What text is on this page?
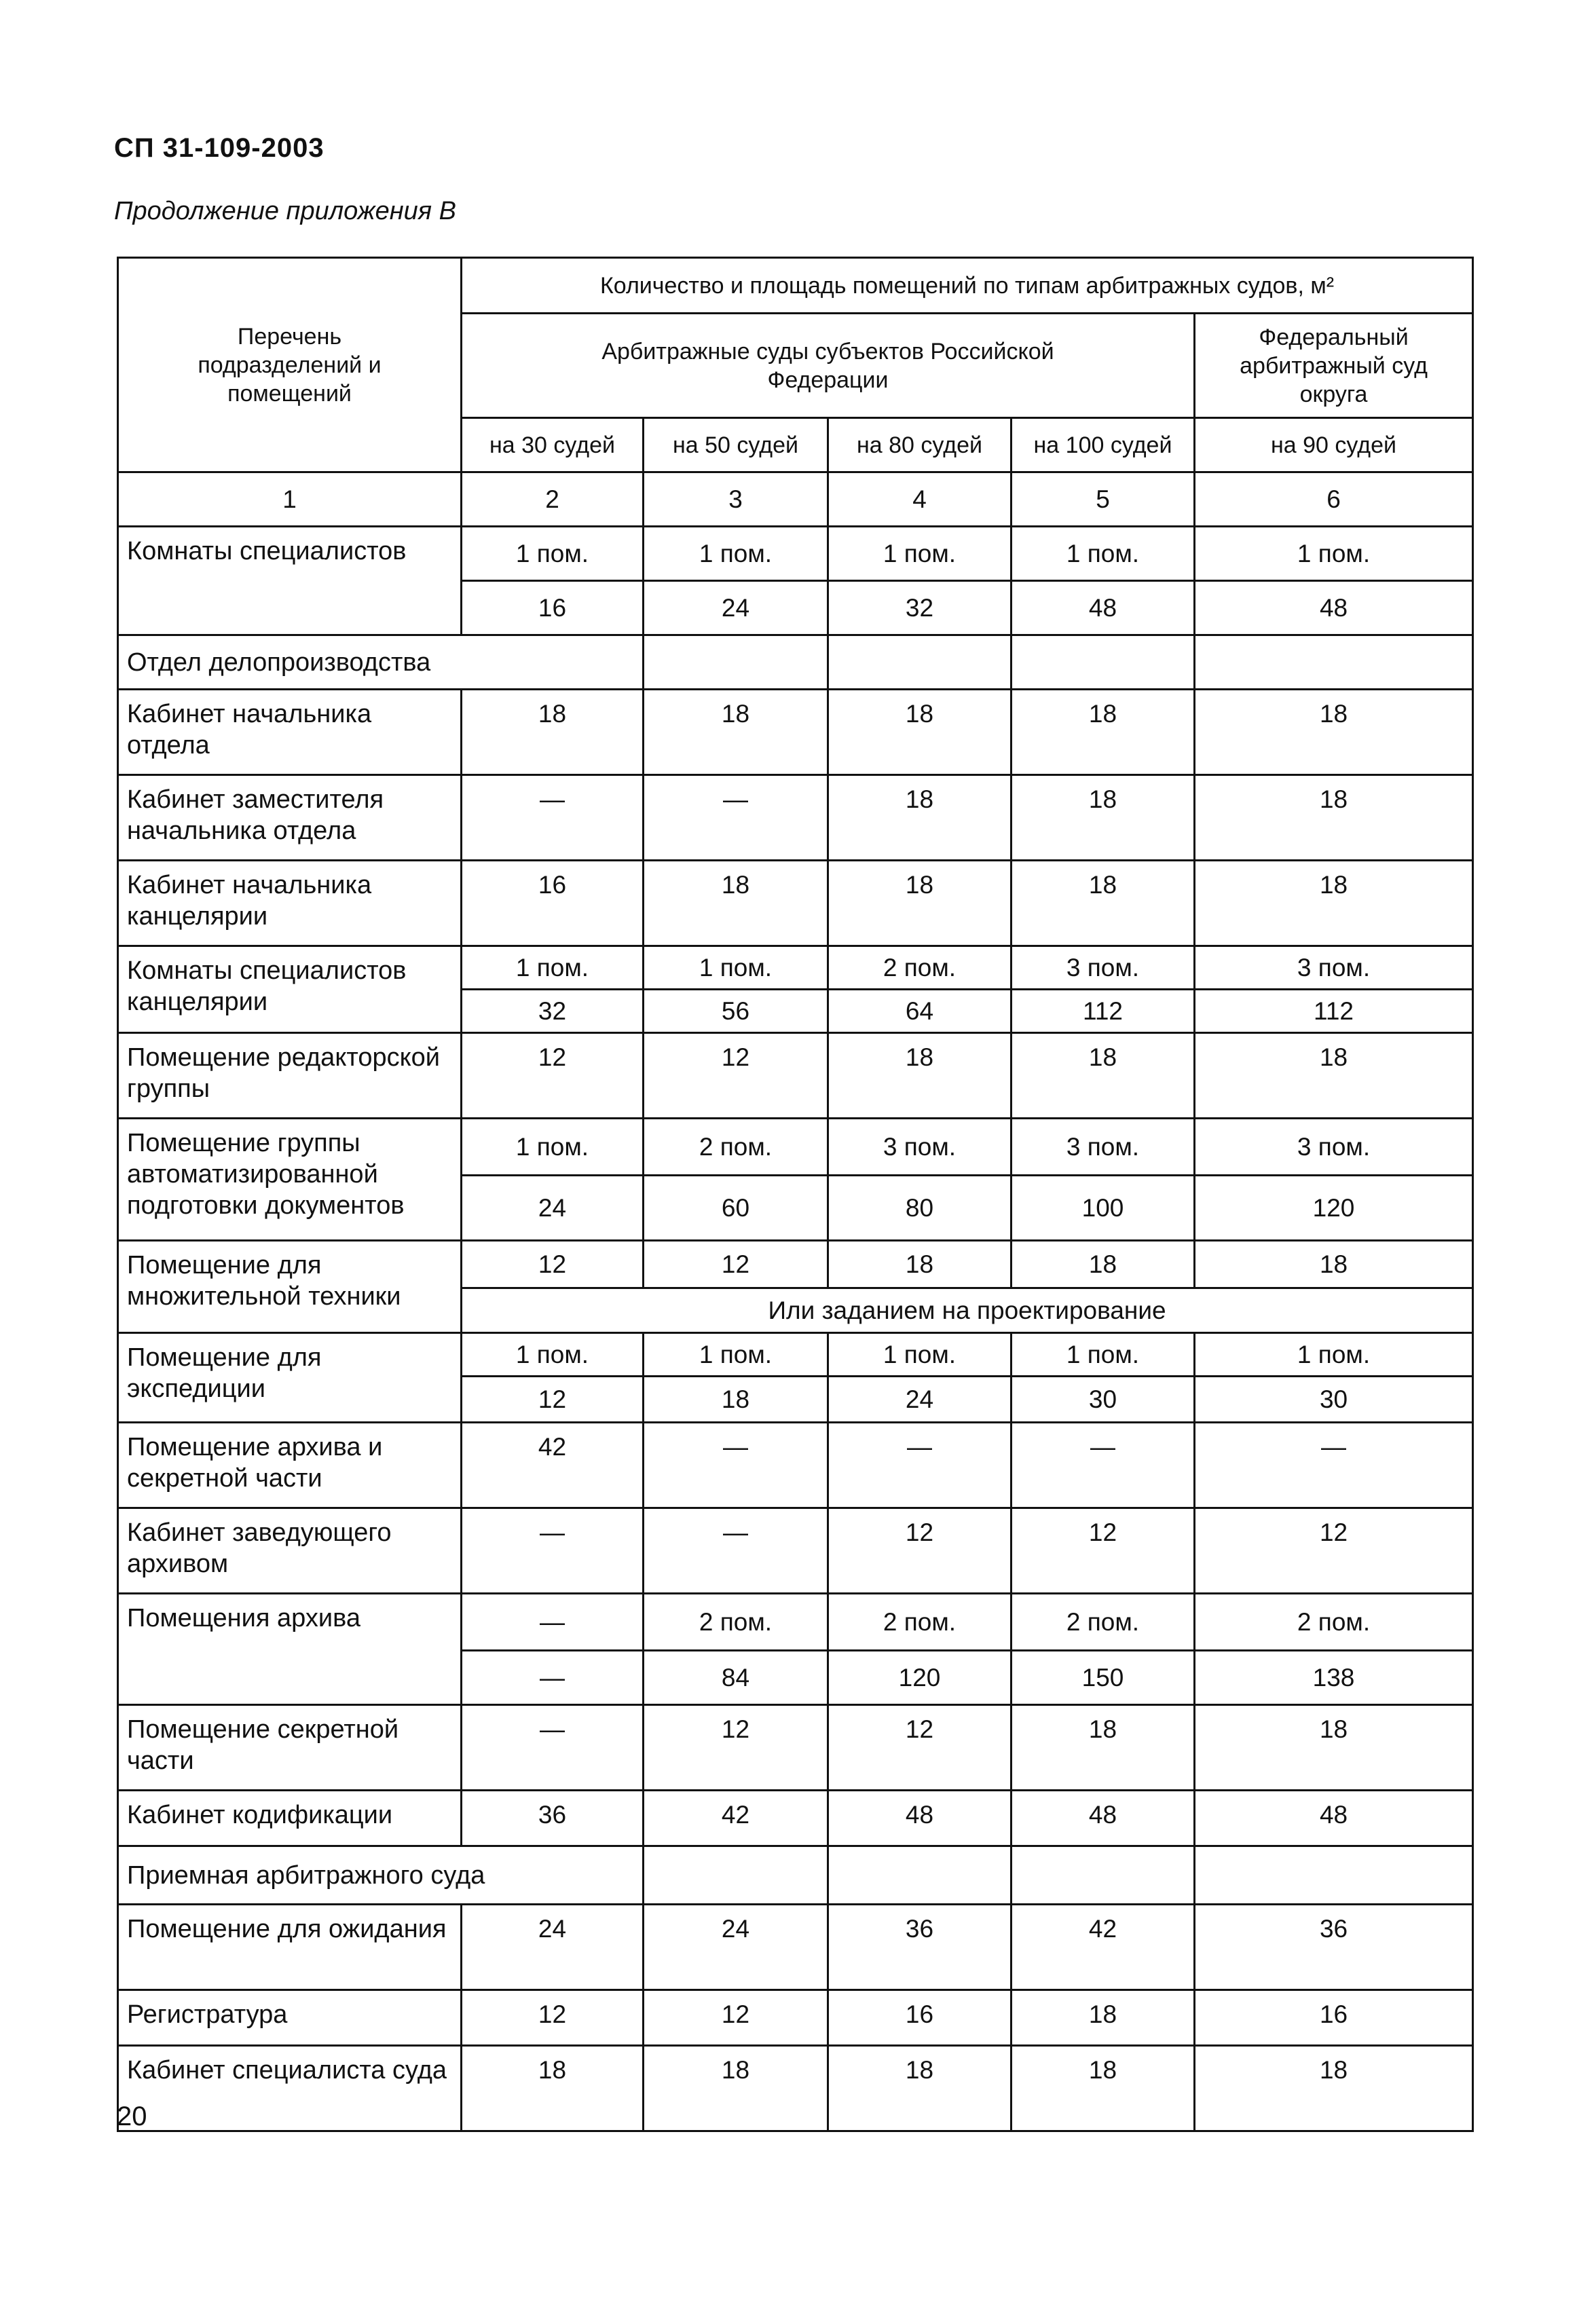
СП 31-109-2003
Продолжение приложения В
Перечень подразделений и помещений	Количество и площадь помещений по типам арбитражных судов, м²				
	Арбитражные суды субъектов Российской Федерации				Федеральный арбитражный суд округа
	на 30 судей	на 50 судей	на 80 судей	на 100 судей	на 90 судей
1	2	3	4	5	6
Комнаты специалистов	1 пом.	1 пом.	1 пом.	1 пом.	1 пом.
	16	24	32	48	48
Отдел делопроизводства					
Кабинет начальника отдела	18	18	18	18	18
Кабинет заместителя начальника отдела	—	—	18	18	18
Кабинет начальника канцелярии	16	18	18	18	18
Комнаты специалистов канцелярии	1 пом.	1 пом.	2 пом.	3 пом.	3 пом.
	32	56	64	112	112
Помещение редакторской группы	12	12	18	18	18
Помещение группы автоматизированной подготовки документов	1 пом.	2 пом.	3 пом.	3 пом.	3 пом.
	24	60	80	100	120
Помещение для множительной техники	12	12	18	18	18
	Или заданием на проектирование				
Помещение для экспедиции	1 пом.	1 пом.	1 пом.	1 пом.	1 пом.
	12	18	24	30	30
Помещение архива и секретной части	42	—	—	—	—
Кабинет заведующего архивом	—	—	12	12	12
Помещения архива	—	2 пом.	2 пом.	2 пом.	2 пом.
	—	84	120	150	138
Помещение секретной части	—	12	12	18	18
Кабинет кодификации	36	42	48	48	48
Приемная арбитражного суда					
Помещение для ожидания	24	24	36	42	36
Регистратура	12	12	16	18	16
Кабинет специалиста суда	18	18	18	18	18
20
